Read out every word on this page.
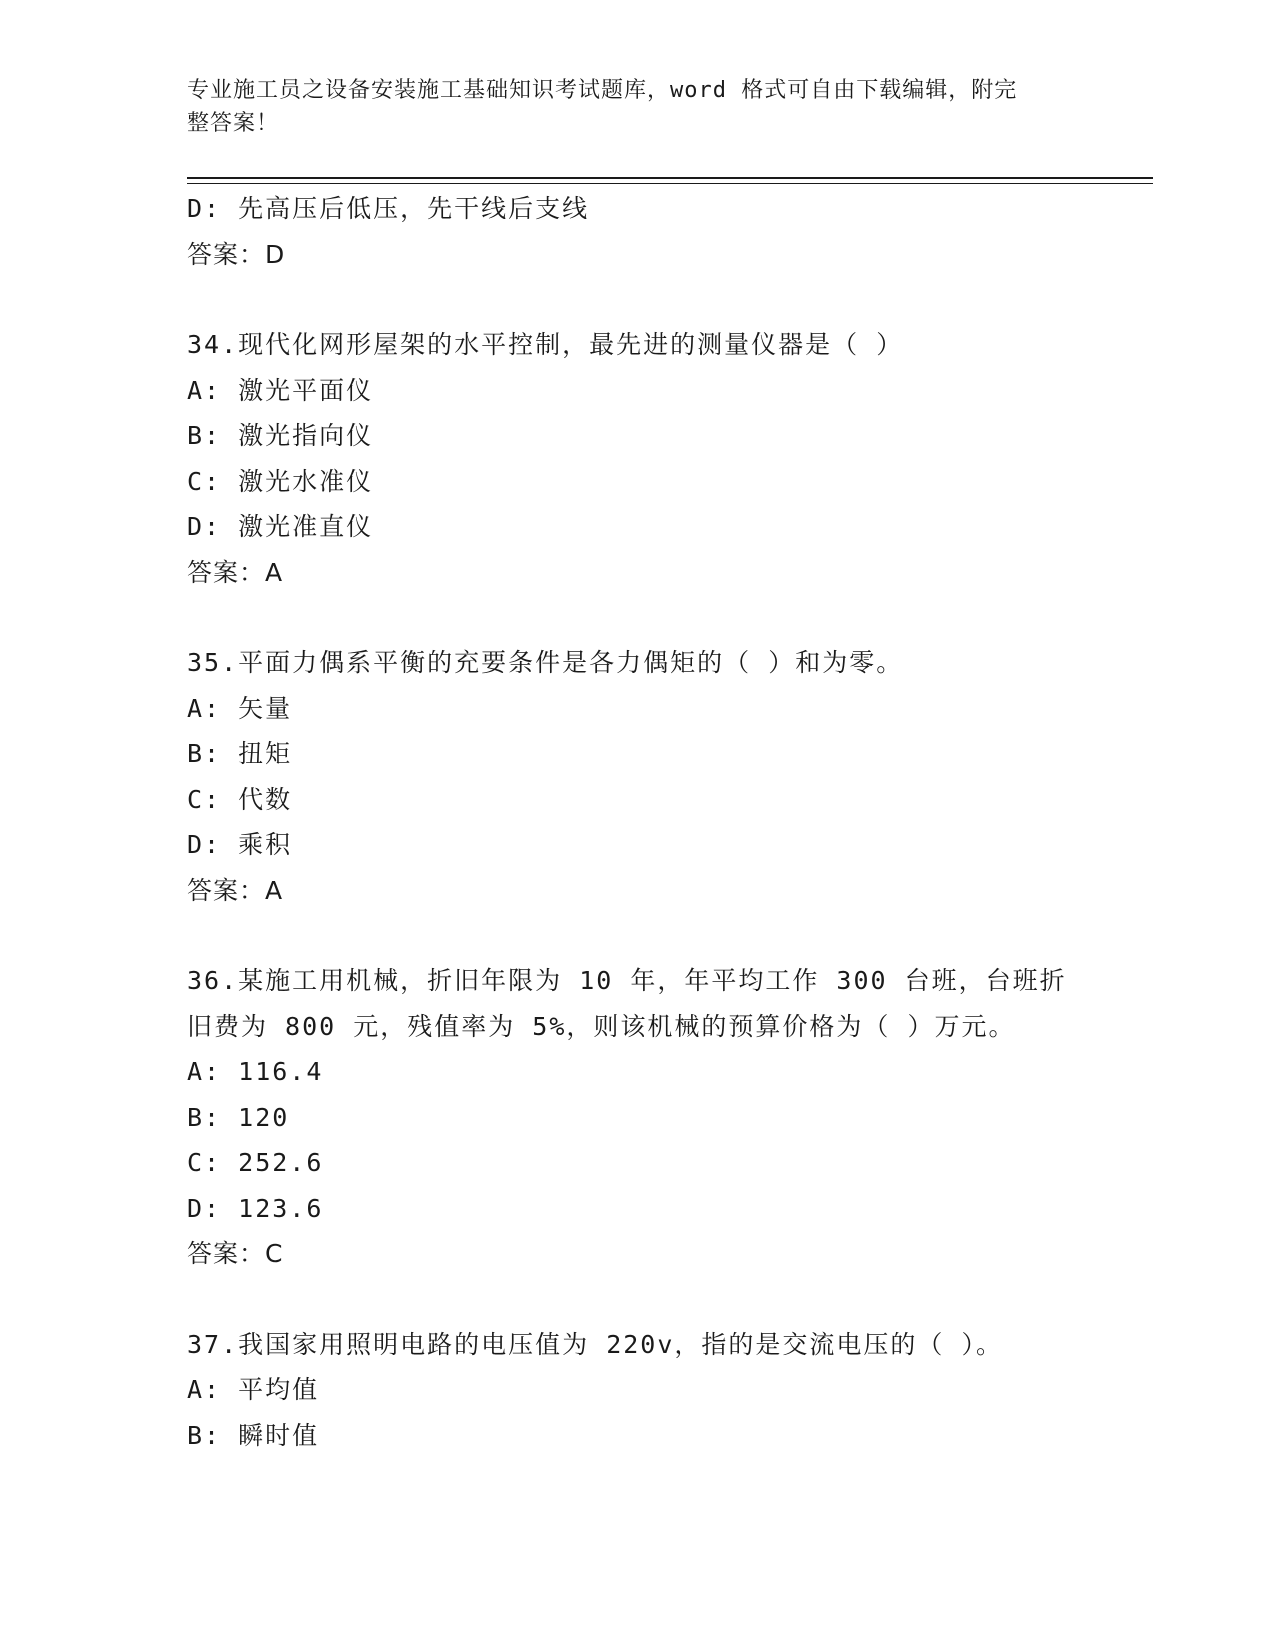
专业施工员之设备安装施工基础知识考试题库，word 格式可自由下载编辑，附完
整答案！
D: 先高压后低压，先干线后支线
答案：D
34.现代化网形屋架的水平控制，最先进的测量仪器是（ ）
A: 激光平面仪
B: 激光指向仪
C: 激光水准仪
D: 激光准直仪
答案：A
35.平面力偶系平衡的充要条件是各力偶矩的（ ）和为零。
A: 矢量
B: 扭矩
C: 代数
D: 乘积
答案：A
36.某施工用机械，折旧年限为 10 年，年平均工作 300 台班，台班折
旧费为 800 元，残值率为 5%，则该机械的预算价格为（ ）万元。
A: 116.4
B: 120
C: 252.6
D: 123.6
答案：C
37.我国家用照明电路的电压值为 220v，指的是交流电压的（ ）。
A: 平均值
B: 瞬时值
